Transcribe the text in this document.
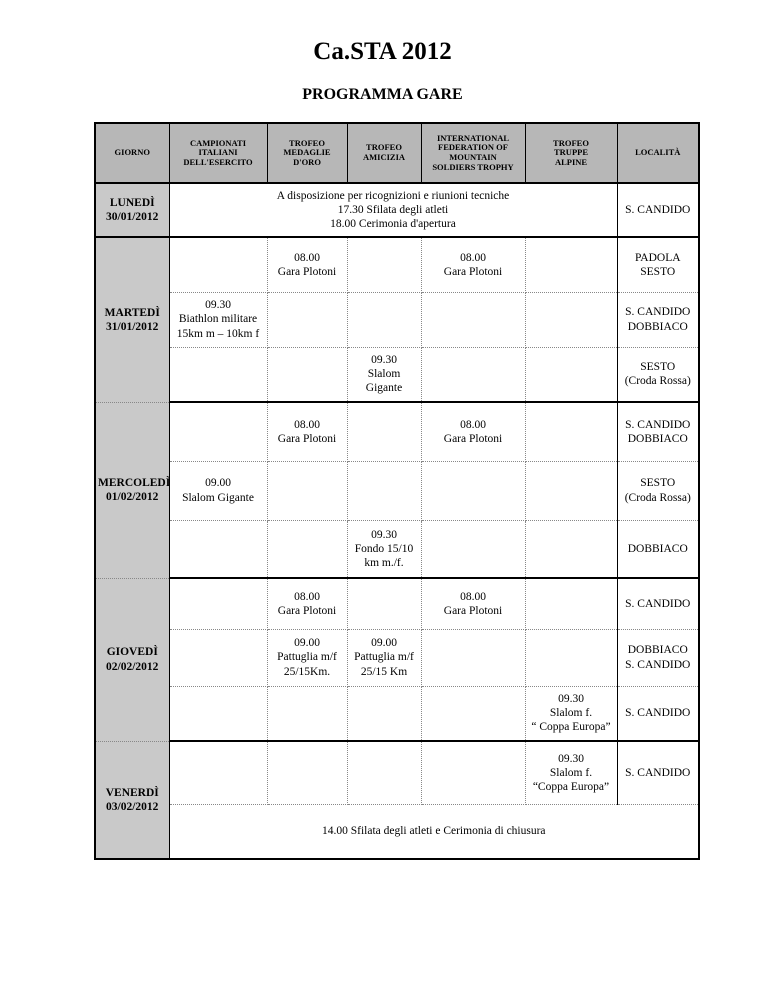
Ca.STA 2012
PROGRAMMA GARE
GIORNO	CAMPIONATI
ITALIANI
DELL'ESERCITO	TROFEO
MEDAGLIE
D'ORO	TROFEO
AMICIZIA	INTERNATIONAL
FEDERATION OF
MOUNTAIN
SOLDIERS TROPHY	TROFEO
TRUPPE
ALPINE	LOCALITÀ

LUNEDÌ
30/01/2012	A disposizione per ricognizioni e riunioni tecniche
17.30 Sfilata degli atleti
18.00 Cerimonia d'apertura					S. CANDIDO

MARTEDÌ
31/01/2012		08.00
Gara Plotoni		08.00
Gara Plotoni		PADOLA
SESTO

	09.30
Biathlon militare
15km m – 10km f					S. CANDIDO
DOBBIACO

			09.30
Slalom
Gigante			SESTO
(Croda Rossa)

MERCOLEDÌ
01/02/2012		08.00
Gara Plotoni		08.00
Gara Plotoni		S. CANDIDO
DOBBIACO

	09.00
Slalom Gigante					SESTO
(Croda Rossa)

			09.30
Fondo 15/10
km m./f.			DOBBIACO

GIOVEDÌ
02/02/2012		08.00
Gara Plotoni		08.00
Gara Plotoni		S. CANDIDO

		09.00
Pattuglia m/f
25/15Km.	09.00
Pattuglia m/f
25/15 Km			DOBBIACO
S. CANDIDO

					09.30
Slalom f.
“ Coppa Europa”	S. CANDIDO

VENERDÌ
03/02/2012					09.30
Slalom f.
“Coppa Europa”	S. CANDIDO

	14.00 Sfilata degli atleti e Cerimonia di chiusura					
